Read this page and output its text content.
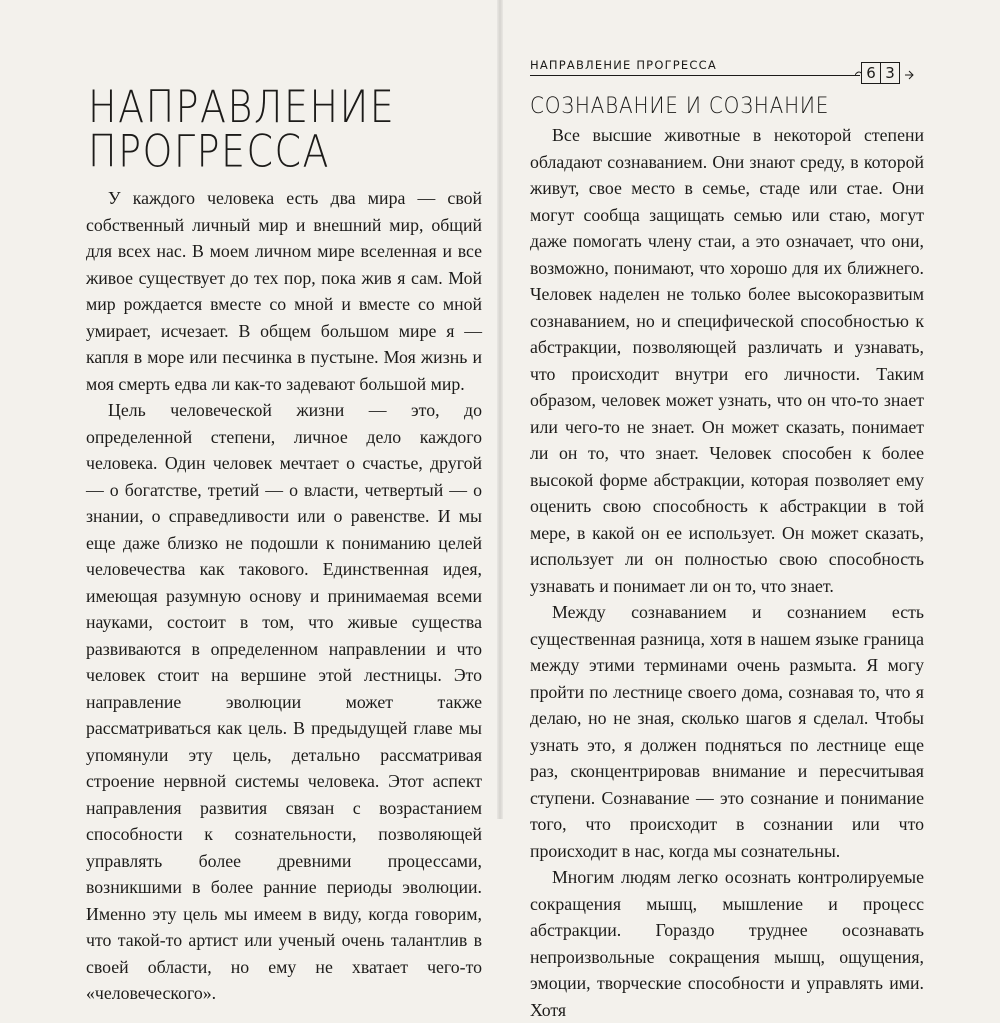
НАПРАВЛЕНИЕ ПРОГРЕССА

У каждого человека есть два мира — свой собственный личный мир и внешний мир, общий для всех нас. В моем личном мире вселенная и все живое существует до тех пор, пока жив я сам. Мой мир рождается вместе со мной и вместе со мной умирает, исчезает. В общем большом мире я — капля в море или песчинка в пустыне. Моя жизнь и моя смерть едва ли как-то задевают большой мир.

Цель человеческой жизни — это, до определенной степени, личное дело каждого человека. Один человек мечтает о счастье, другой — о богатстве, третий — о власти, четвертый — о знании, о справедливости или о равенстве. И мы еще даже близко не подошли к пониманию целей человечества как такового. Единственная идея, имеющая разумную основу и принимаемая всеми науками, состоит в том, что живые существа развиваются в определенном направлении и что человек стоит на вершине этой лестницы. Это направление эволюции может также рассматриваться как цель. В предыдущей главе мы упомянули эту цель, детально рассматривая строение нервной системы человека. Этот аспект направления развития связан с возрастанием способности к сознательности, позволяющей управлять более древними процессами, возникшими в более ранние периоды эволюции. Именно эту цель мы имеем в виду, когда говорим, что такой-то артист или ученый очень талантлив в своей области, но ему не хватает чего-то «человеческого».

НАПРАВЛЕНИЕ ПРОГРЕССА	6 3
СОЗНАВАНИЕ И СОЗНАНИЕ

Все высшие животные в некоторой степени обладают сознаванием. Они знают среду, в которой живут, свое место в семье, стаде или стае. Они могут сообща защищать семью или стаю, могут даже помогать члену стаи, а это означает, что они, возможно, понимают, что хорошо для их ближнего. Человек наделен не только более высокоразвитым сознаванием, но и специфической способностью к абстракции, позволяющей различать и узнавать, что происходит внутри его личности. Таким образом, человек может узнать, что он что-то знает или чего-то не знает. Он может сказать, понимает ли он то, что знает. Человек способен к более высокой форме абстракции, которая позволяет ему оценить свою способность к абстракции в той мере, в какой он ее использует. Он может сказать, использует ли он полностью свою способность узнавать и понимает ли он то, что знает.

Между сознаванием и сознанием есть существенная разница, хотя в нашем языке граница между этими терминами очень размыта. Я могу пройти по лестнице своего дома, сознавая то, что я делаю, но не зная, сколько шагов я сделал. Чтобы узнать это, я должен подняться по лестнице еще раз, сконцентрировав внимание и пересчитывая ступени. Сознавание — это сознание и понимание того, что происходит в сознании или что происходит в нас, когда мы сознательны.

Многим людям легко осознать контролируемые сокращения мышц, мышление и процесс абстракции. Гораздо труднее осознавать непроизвольные сокращения мышц, ощущения, эмоции, творческие способности и управлять ими. Хотя
